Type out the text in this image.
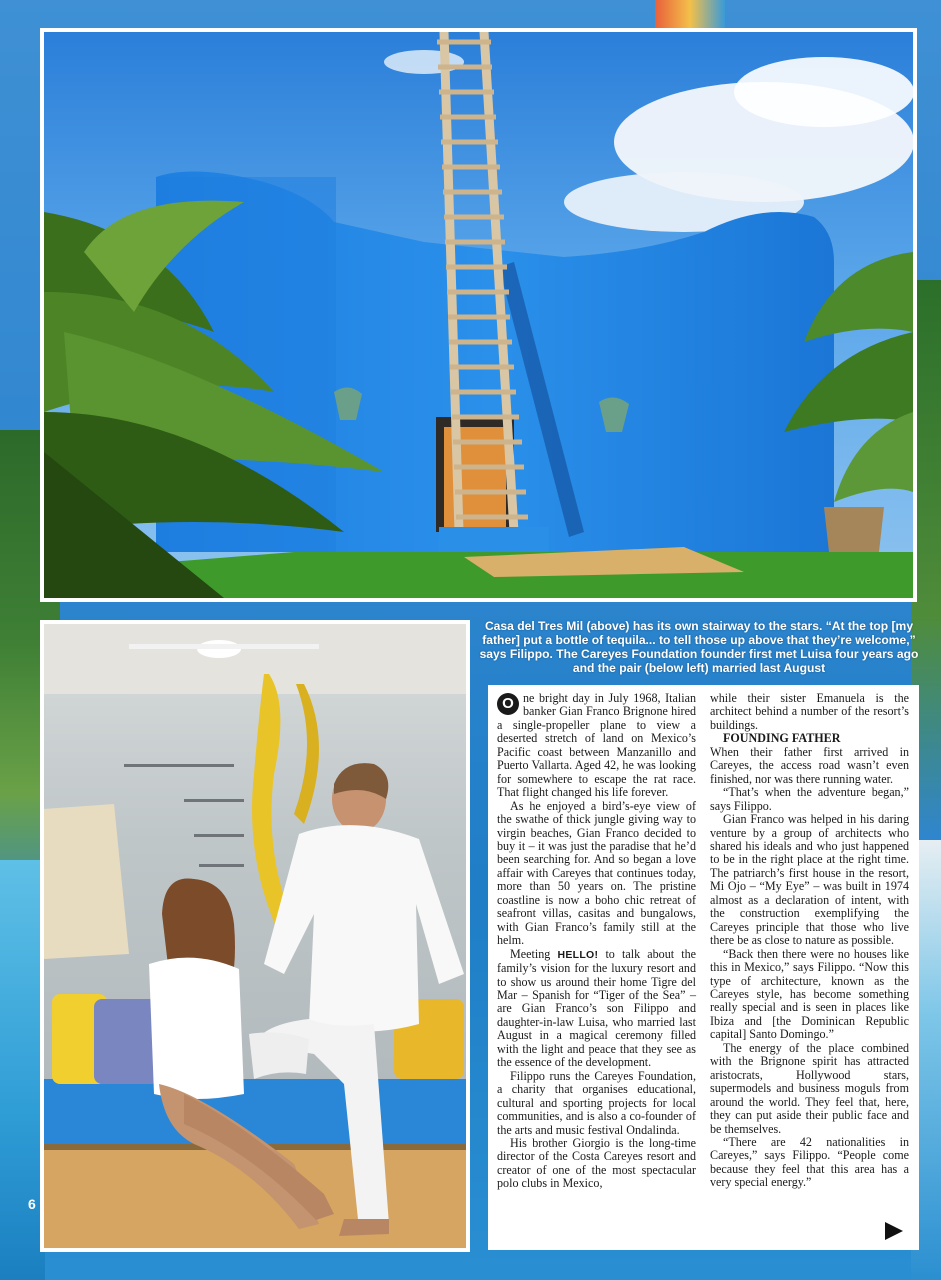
Casa del Tres Mil (above) has its own stairway to the stars. “At the top [my father] put a bottle of tequila... to tell those up above that they’re welcome,” says Filippo. The Careyes Foundation founder first met Luisa four years ago and the pair (below left) married last August

O ne bright day in July 1968, Italian banker Gian Franco Brignone hired a single-propeller plane to view a deserted stretch of land on Mexico’s Pacific coast between Manzanillo and Puerto Vallarta. Aged 42, he was looking for somewhere to escape the rat race. That flight changed his life forever.

As he enjoyed a bird’s-eye view of the swathe of thick jungle giving way to virgin beaches, Gian Franco decided to buy it – it was just the paradise that he’d been searching for. And so began a love affair with Careyes that continues today, more than 50 years on. The pristine coastline is now a boho chic retreat of seafront villas, casitas and bungalows, with Gian Franco’s family still at the helm.

Meeting HELLO! to talk about the family’s vision for the luxury resort and to show us around their home Tigre del Mar – Spanish for “Tiger of the Sea” – are Gian Franco’s son Filippo and daughter-in-law Luisa, who married last August in a magical ceremony filled with the light and peace that they see as the essence of the development.

Filippo runs the Careyes Foundation, a charity that organises educational, cultural and sporting projects for local communities, and is also a co-founder of the arts and music festival Ondalinda.

His brother Giorgio is the long-time director of the Costa Careyes resort and creator of one of the most spectacular polo clubs in Mexico,

while their sister Emanuela is the architect behind a number of the resort’s buildings.

FOUNDING FATHER

When their father first arrived in Careyes, the access road wasn’t even finished, nor was there running water.

“That’s when the adventure began,” says Filippo.

Gian Franco was helped in his daring venture by a group of architects who shared his ideals and who just happened to be in the right place at the right time. The patriarch’s first house in the resort, Mi Ojo – “My Eye” – was built in 1974 almost as a declaration of intent, with the construction exemplifying the Careyes principle that those who live there be as close to nature as possible.

“Back then there were no houses like this in Mexico,” says Filippo. “Now this type of architecture, known as the Careyes style, has become something really special and is seen in places like Ibiza and [the Dominican Republic capital] Santo Domingo.”

The energy of the place combined with the Brignone spirit has attracted aristocrats, Hollywood stars, supermodels and business moguls from around the world. They feel that, here, they can put aside their public face and be themselves.

“There are 42 nationalities in Careyes,” says Filippo. “People come because they feel that this area has a very special energy.”

6
